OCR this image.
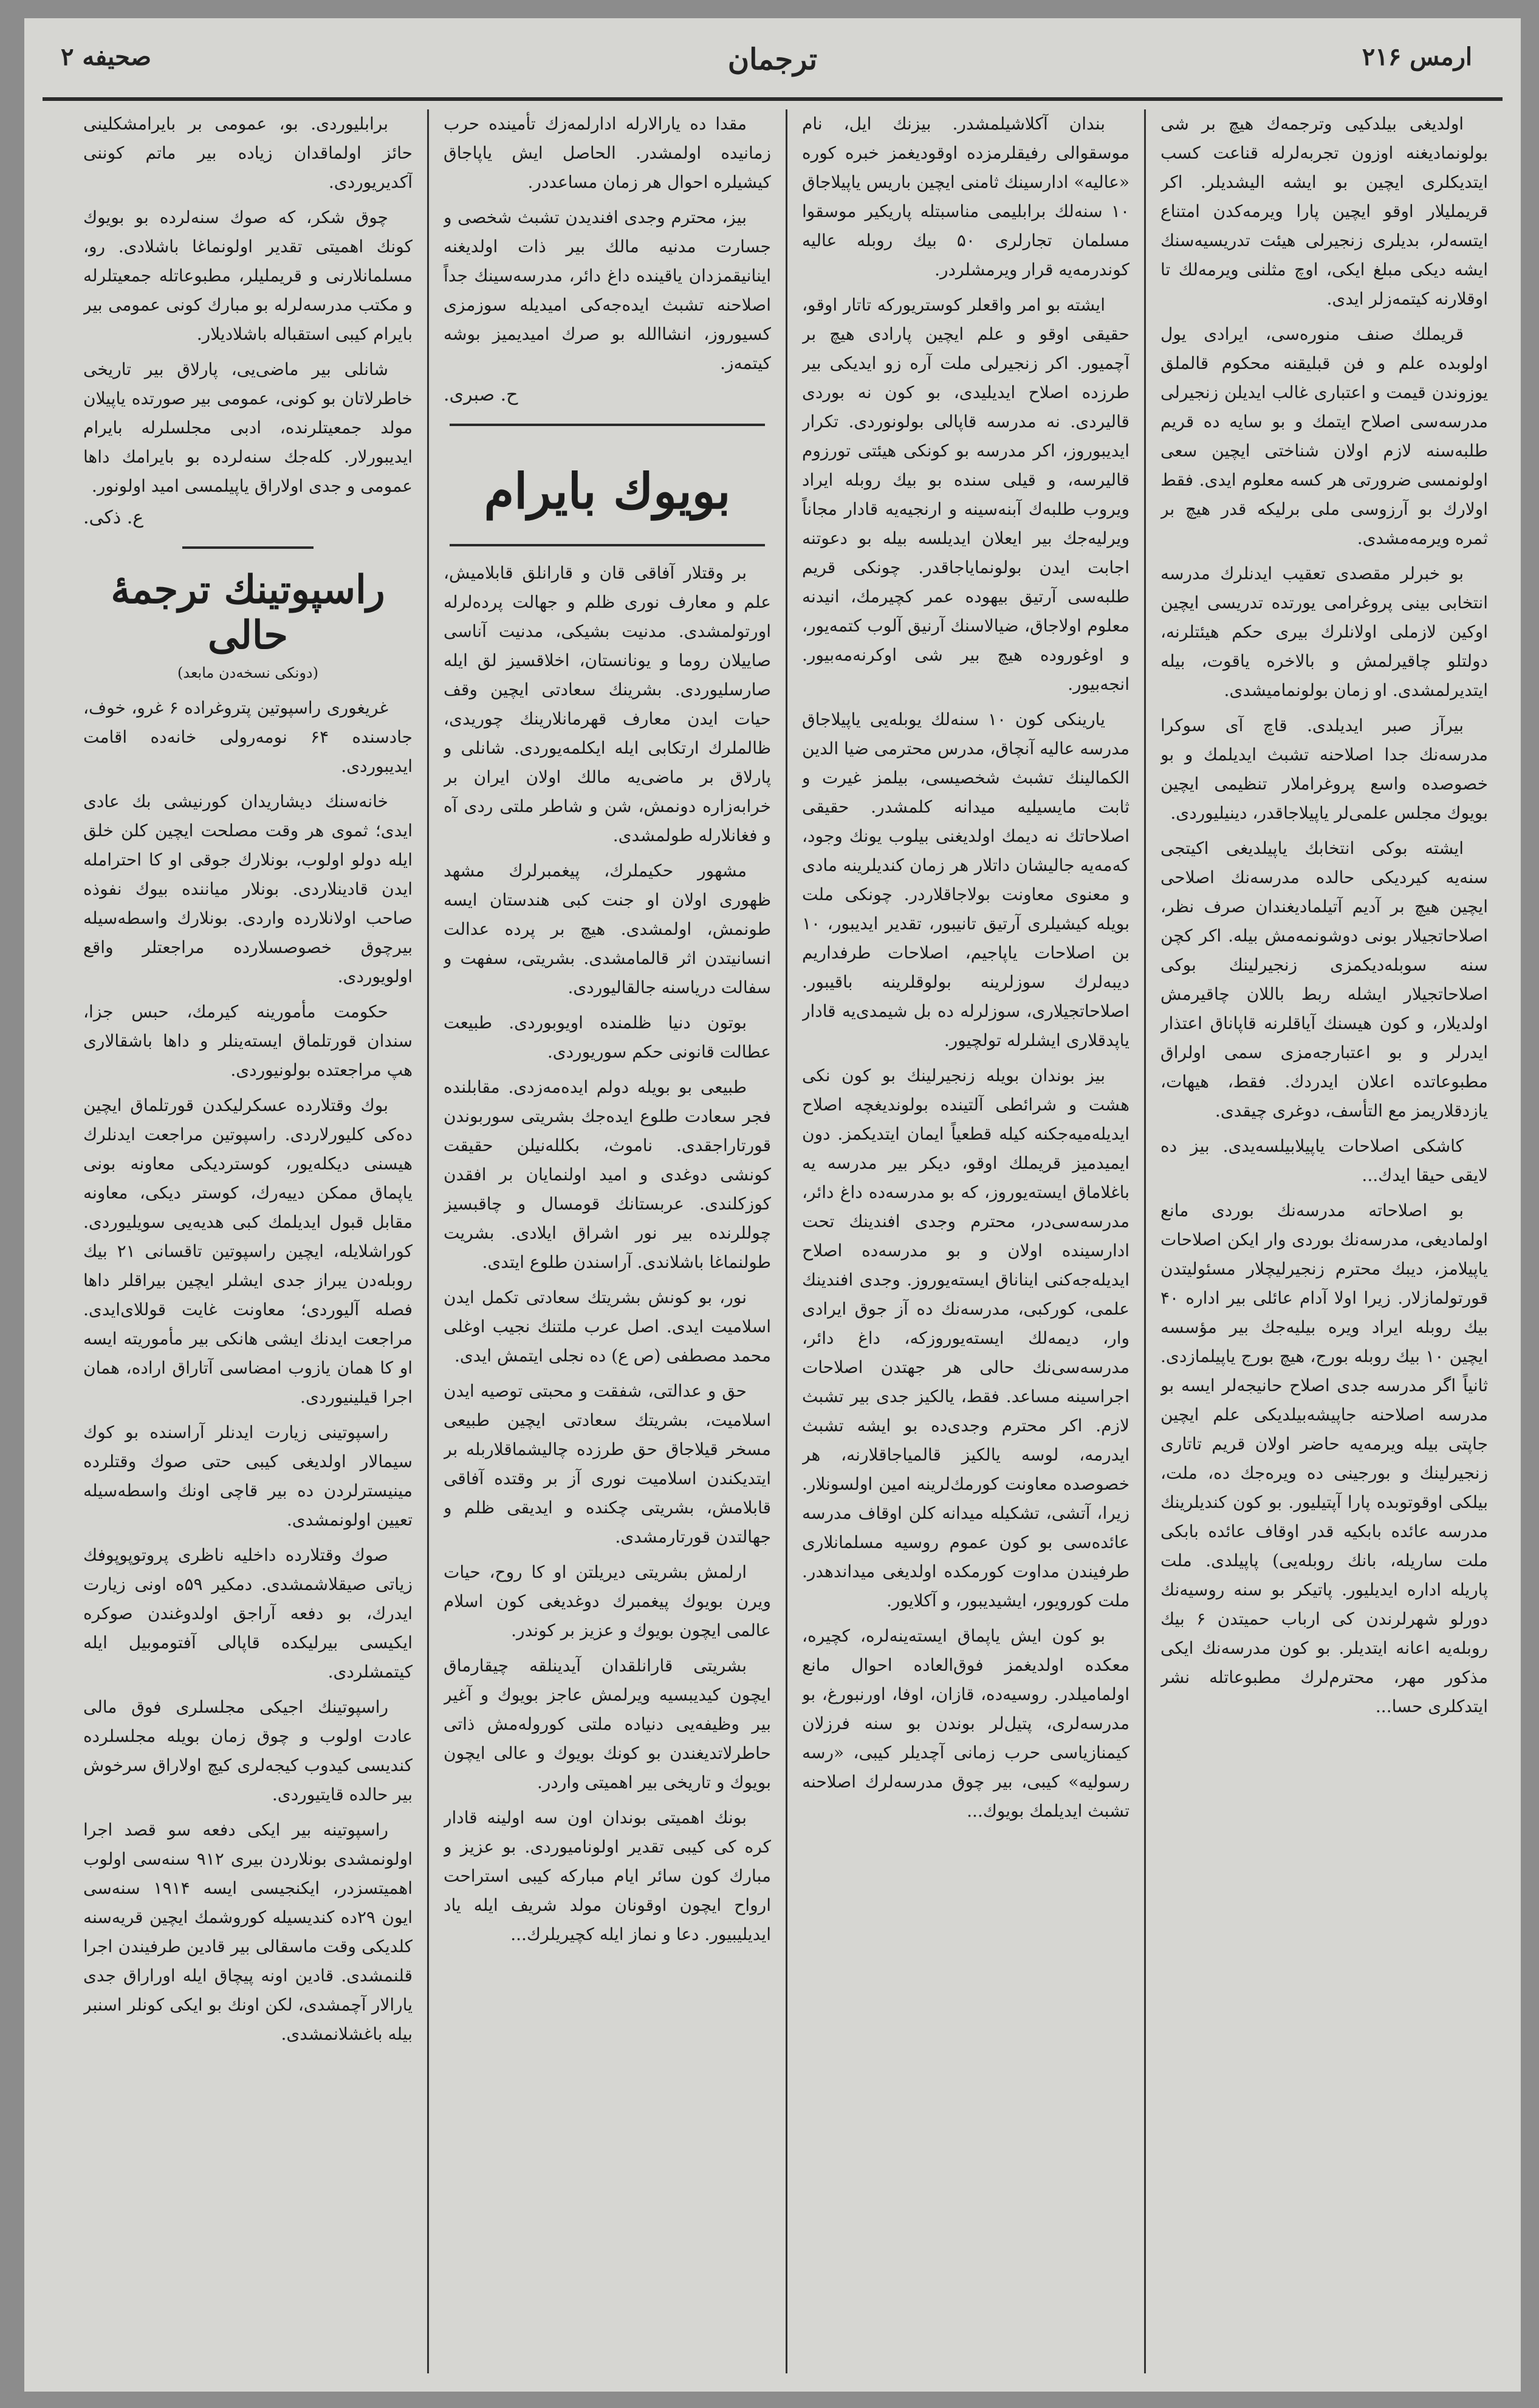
ارمس ۲۱۶
ترجمان
صحيفه ۲

اولدیغی بیلدکیی وترجمه‌ك هیچ بر شی بولونمادیغنه اوزون تجربه‌لرله قناعت كسب ایتدیكلری ایچین بو ایشه الیشدیلر. اكر قریملیلار اوقو ایچین پارا ویرمه‌كدن امتناع ایتسه‌لر، بدیلری زنجیرلی هیئت تدریسیه‌سنك ایشه دیكی مبلغ ایكی، اوچ مثلنی ویرمه‌لك تا اوقلارنه كیتمه‌زلر ایدی.

قریملك صنف منوره‌سی، ایرادی یول اولوبده علم و فن قبلیقنه محكوم قالملق یوزوندن قیمت و اعتباری غالب ایدیلن زنجیرلی مدرسه‌سی اصلاح ایتمك و بو سایه ده قریم طلبه‌سنه لازم اولان شناختی ایچین سعی اولونمسی ضرورتی هر كسه معلوم ایدی. فقط اولارك بو آرزوسی ملی برلیكه قدر هیچ بر ثمره ویرمه‌مشدی.

بو خبرلر مقصدی تعقیب ایدنلرك مدرسه انتخابی بینی پروغرامی یورتده تدریسی ایچین اوكین لازملی اولانلرك بیری حكم هیئتلرنه، دولتلو چاقیرلمش و بالاخره یاقوت، بیله ایتدیرلمشدی. او زمان بولونمامیشدی.

بیرآز صبر ایدیلدی. قاچ آی سوكرا مدرسه‌نك جدا اصلاحنه تشبث ایدیلمك و بو خصوصده واسع پروغراملار تنظیمی ایچین بویوك مجلس علمی‌لر یاپیلاجاقدر، دینیلیوردی.

ایشته بوكی انتخابك یاپیلدیغی اكیتجی سنه‌یه كیردیكی حالده مدرسه‌نك اصلاحی ایچین هیچ بر آدیم آتیلمادیغندان صرف نظر، اصلاحاتجیلار بونی دوشونمه‌مش بیله. اكر كچن سنه سوبله‌دیكمزی زنجیرلینك بوكی اصلاحاتجیلار ایشله ربط باللان چاقیرمش اولدیلار، و كون هیسنك آیاقلرنه قاپاناق اعتذار ایدرلر و بو اعتبارجه‌مزی سمی اولراق مطبوعاتده اعلان ایدردك. فقط، هیهات، یازدقلاریمز مع التأسف، دوغری چیقدی.

كاشكی اصلاحات یاپیلابیلسه‌یدی. بیز ده لایقی حیقا ایدك...

بو اصلاحاته مدرسه‌نك بوردی مانع اولمادیغی، مدرسه‌نك بوردی وار ایكن اصلاحات یاپیلامز، دیبك محترم زنجیرلیچلار مسئولیتدن قورتولمازلار. زیرا اولا آدام عائلی بیر اداره ۴۰ بیك روبله ایراد ویره بیلیه‌جك بیر مؤسسه ایچین ۱۰ بیك روبله بورج، هیچ بورج یاپیلمازدی. ثانیاً اگر مدرسه جدی اصلاح حانیجه‌لر ایسه بو مدرسه اصلاحنه جاپیشه‌بیلدیكی علم ایچین جاپتی بیله ویرمه‌یه حاضر اولان قریم تاتاری زنجیرلینك و بورجینی ده ویره‌جك ده، ملت، بیلكی اوقوتوبده پارا آپتیلیور. بو كون كندیلرینك مدرسه عائده بابكیه قدر اوقاف عائده بابكی ملت ساریله، بانك روبله‌یی) پاپیلدی. ملت پاریله اداره ایدیلیور. پاتیكر بو سنه روسیه‌نك دورلو شهرلرندن كی ارباب حمیتدن ۶ بیك روبله‌یه اعانه ایتدیلر. بو كون مدرسه‌نك ایكی مذكور مهر، محترم‌لرك مطبوعاتله نشر ایتدكلری حسا...

بندان آكلاشیلمشدر. بیزنك ایل، نام موسقوالی رفیقلرمزده اوقودیغمز خبره كوره «عالیه» ادارسینك ثامنی ایچین باریس یاپیلاجاق ۱۰ سنه‌لك برابلیمی مناسبتله پاریكیر موسقوا مسلمان تجارلری ۵۰ بیك روبله عالیه كوندرمه‌یه قرار ویرمشلردر.

ایشته بو امر واقعلر كوستریوركه تاتار اوقو، حقیقی اوقو و علم ایچین پارادی هیچ بر آچمیور. اكر زنجیرلی ملت آره زو ایدیكی بیر طرزده اصلاح ایدیلیدی، بو كون نه بوردی قالیردی. نه مدرسه قاپالی بولونوردی. تكرار ایدیبوروز، اكر مدرسه بو كونكی هیئتی تورزوم قالیرسه، و قیلی سنده بو بیك روبله ایراد ویروب طلبه‌ك آبنه‌سینه و ارنجیه‌یه قادار مجاناً ویرلیه‌جك بیر ایعلان ایدیلسه بیله بو دعوتنه اجابت ایدن بولونمایاجاقدر. چونكی قریم طلبه‌سی آرتیق بیهوده عمر كچیرمك، انیدنه معلوم اولاجاق، ضیالاسنك آرنیق آلوب كتمه‌یور، و اوغوروده هیچ بیر شی اوكرنه‌مه‌بیور. انجه‌بیور.

یارینكی كون ۱۰ سنه‌لك یوبله‌یی یاپیلاجاق مدرسه عالیه آنچاق، مدرس محترمی ضیا الدین الكمالینك تشبث شخصیسی، بیلمز غیرت و ثابت مایسیلیه میدانه كلمشدر. حقیقی اصلاحاتك نه دیمك اولدیغنی بیلوب یونك وجود، كه‌مه‌یه جالیشان داتلار هر زمان كندیلرینه مادی و معنوی معاونت بولاجاقلاردر. چونكی ملت بویله كیشیلری آرتیق تانیبور، تقدیر ایدیبور، ۱۰ بن اصلاحات یاپاجیم، اصلاحات طرفداریم دیبه‌لرك سوزلرینه بولوقلرینه باقیبور. اصلاحاتجیلاری، سوزلرله ده بل شیمدی‌یه قادار یاپدقلاری ایشلرله تولچیور.

بیز بوندان بویله زنجیرلینك بو كون نكی هشت و شرائطی آلتینده بولوندیغچه اصلاح ایدیله‌میه‌جكنه كیله قطعیاً ایمان ایتدیكمز. دون ایمیدمیز قریملك اوقو، دیكر بیر مدرسه یه باغلاماق ایسته‌یوروز، كه بو مدرسه‌ده داغ دائر، مدرسه‌سی‌در، محترم وجدی افندینك تحت ادارسینده اولان و بو مدرسه‌ده اصلاح ایدیله‌جه‌كنی ایناناق ایسته‌یوروز. وجدی افندینك علمی، كوركبی، مدرسه‌نك ده آز جوق ایرادی وار، دیمه‌لك ایسته‌یوروزكه، داغ دائر، مدرسه‌سی‌نك حالی هر جهتدن اصلاحات اجراسینه مساعد. فقط، یالكیز جدی بیر تشبث لازم. اكر محترم وجدی‌ده بو ایشه تشبث ایدرمه، لوسه یالكیز قالمیاجاقلارنه، هر خصوصده معاونت كورمك‌لرینه امین اولسونلار. زیرا، آتشی، تشكیله میدانه كلن اوقاف مدرسه عائده‌سی بو كون عموم روسیه مسلمانلاری طرفیندن مداوت كورمكده اولدیغی میداندهدر. ملت كورويور، ایشیدیبور، و آكلایور.

بو كون ایش یاپماق ایسته‌ینه‌لره، كچیره، معكده اولدیغمز فوق‌العاده احوال مانع اولمامیلدر. روسیه‌ده، قازان، اوفا، اورنبورغ، بو مدرسه‌لری، پتیل‌لر بوندن بو سنه فرزلان كیمنازیاسی حرب زمانی آچدیلر كیبی، «رسه رسولیه» كیبی، بیر چوق مدرسه‌لرك اصلاحنه تشبث ایدیلمك بویوك...

مقدا ده یارالارله ادارلمه‌زك تأمینده حرب زمانیده اولمشدر. الحاصل ایش یاپاجاق كیشیلره احوال هر زمان مساعددر.

بیز، محترم وجدی افندیدن تشبث شخصی و جسارت مدنیه مالك بیر ذات اولدیغنه اینانیقمزدان یاقینده داغ دائر، مدرسه‌سینك جداً اصلاحنه تشبث ایده‌جه‌كی امیدیله سوزمزی كسیوروز، انشاالله بو صرك امیدیمیز بوشه كیتمه‌ز.

ح. صبری.
بویوك بایرام

بر وقتلار آفاقی قان و قارانلق قابلامیش، علم و معارف نوری ظلم و جهالت پرده‌لرله اورتولمشدی. مدنیت بشیكی، مدنیت آناسی صاییلان روما و یونانستان، اخلاقسیز لق ایله صارسلیوردی. بشرینك سعادتی ایچین وقف حیات ایدن معارف قهرمانلارینك چوریدی، ظالملرك ارتكابی ایله ایكلمه‌یوردی. شانلی و پارلاق بر ماضی‌یه مالك اولان ایران بر خرابه‌زاره دونمش، شن و شاطر ملتی ردی آه و فغانلارله طولمشدی.

مشهور حكیملرك، پیغمبرلرك مشهد ظهوری اولان او جنت كبی هندستان ایسه طونمش، اولمشدی. هیچ بر پرده عدالت انسانیتدن اثر قالمامشدی. بشریتی، سفهت و سفالت دریاسنه جالقالیوردی.

بوتون دنیا ظلمنده اویوبوردی. طبیعت عطالت قانونی حكم سوریوردی.

طبیعی بو بویله دولم ایده‌مه‌زدی. مقابلنده فجر سعادت طلوع ایده‌جك بشریتی سوربوندن قورتاراجقدی. ناموث، بكلله‌نیلن حقیقت كونشی دوغدی و امید اولنمایان بر افقدن كوزكلندی. عربستانك قومسال و چاقبسیز چوللرنده بیر نور اشراق ایلادی. بشریت طولنماغا باشلاندی. آراسندن طلوع ایتدی.

نور، بو كونش بشریتك سعادتی تكمل ایدن اسلامیت ایدی. اصل عرب ملتنك نجیب اوغلی محمد مصطفی (ص ع) ده نجلی ایتمش ایدی.

حق و عدالتی، شفقت و محبتی توصیه ایدن اسلامیت، بشریتك سعادتی ایچین طبیعی مسخر قیلاجاق حق طرزده چالیشماقلاربله بر ایتدیكندن اسلامیت نوری آز بر وقتده آفاقی قابلامش، بشریتی چكنده و ایدیقی ظلم و جهالتدن قورتارمشدی.

ارلمش بشریتی دیریلتن او كا روح، حیات ویرن بویوك پیغمبرك دوغدیغی كون اسلام عالمی ایچون بویوك و عزیز بر كوندر.

بشریتی قارانلقدان آیدینلقه چیقارماق ایچون كیدیبسیه ویرلمش عاجز بویوك و آغیر بیر وظیفه‌یی دنیاده ملتی كوروله‌مش ذاتی حاطرلاتدیغندن بو كونك بویوك و عالی ایچون بویوك و تاریخی بیر اهمیتی واردر.

بونك اهمیتی بوندان اون سه اولینه قادار كره كی كیبی تقدیر اولونامیوردی. بو عزیز و مبارك كون سائر ایام مباركه كیبی استراحت ارواح ایچون اوقونان مولد شریف ایله یاد ایدیلیبیور. دعا و نماز ایله كچیریلرك...

برابلیوردی. بو، عمومی بر بایرامشكلینی حائز اولماقدان زیاده بیر ماتم كوننی آكدیریوردی.

چوق شكر، كه صوك سنه‌لرده بو بویوك كونك اهمیتی تقدیر اولونماغا باشلادی. رو، مسلمانلارنی و قریملیلر، مطبوعاتله جمعیتلرله و مكتب مدرسه‌لرله بو مبارك كونی عمومی بیر بایرام كیبی استقباله باشلادیلار.

شانلی بیر ماضی‌یی، پارلاق بیر تاریخی خاطرلاتان بو كونی، عمومی بیر صورتده یاپیلان مولد جمعیتلرنده، ادبی مجلسلرله بایرام ایدیبورلار. كله‌جك سنه‌لرده بو بایرامك داها عمومی و جدی اولاراق یاپیلمسی امید اولونور.

ع. ذكی.
راسپوتینك ترجمهٔ حالی
(دونكی نسخه‌دن مابعد)

غریغوری راسپوتین پتروغراده ۶ غرو، خوف، جادسنده ۶۴ نومه‌رولی خانه‌ده اقامت ایدیبوردی.

خانه‌سنك دیشاریدان كورنیشی بك عادی ایدی؛ ثموی هر وقت مصلحت ایچین كلن خلق ایله دولو اولوب، بونلارك جوقی او كا احترامله ایدن قادینلاردی. بونلار میاننده بیوك نفوذه صاحب اولانلارده واردی. بونلارك واسطه‌سیله بیرچوق خصوصسلارده مراجعتلر واقع اولویوردی.

حكومت مأمورینه كیرمك، حبس جزا، سندان قورتلماق ایسته‌ینلر و داها باشقالاری هپ مراجعتده بولونیوردی.

بوك وقتلارده عسكرلیكدن قورتلماق ایچین ده‌كی كلیورلاردی. راسپوتین مراجعت ایدنلرك هیسنی دیكله‌یور، كوستردیكی معاونه بونی یاپماق ممكن دییه‌رك، كوستر دیكی، معاونه مقابل قبول ایدیلمك كبی هدیه‌یی سویلیوردی. كوراشلایله، ایچین راسپوتین تاقسانی ۲۱ بیك روبله‌دن یبراز جدی ایشلر ایچین بیراقلر داها فصله آلیوردی؛ معاونت غایت قوللای‌ایدی. مراجعت ایدنك ایشی هانكی بیر مأموریته ایسه او كا همان یازوب امضاسی آتاراق اراده، همان اجرا قیلینیوردی.

راسپوتینی زیارت ایدنلر آراسنده بو كوك سیمالار اولدیغی كیبی حتی صوك وقتلرده مینیسترلردن ده بیر قاچی اونك واسطه‌سیله تعیین اولونمشدی.

صوك وقتلارده داخلیه ناظری پروتوپوپوفك زیاتی صیقلاشمشدی. دمكیر ۵۹ه اونی زیارت ایدرك، بو دفعه آراجق اولدوغندن صوكره ایكیسی بیرلیكده قاپالی آفتوموبیل ایله كیتمشلردی.

راسپوتینك اجیكی مجلسلری فوق مالی عادت اولوب و چوق زمان بویله مجلسلرده كندیسی كیدوب كیجه‌لری كیچ اولاراق سرخوش بیر حالده قایتیوردی.

راسپوتینه بیر ایكی دفعه سو قصد اجرا اولونمشدی بونلاردن بیری ۹۱۲ سنه‌سی اولوب اهمیتسزدر، ایكنجیسی ایسه ۱۹۱۴ سنه‌سی ایون ۲۹ده كندیسیله كوروشمك ایچین قریه‌سنه كلدیكی وقت ماسقالی بیر قادین طرفیندن اجرا قلنمشدی. قادین اونه پیچاق ایله اوراراق جدی یارالار آچمشدی، لكن اونك بو ایكی كونلر اسنبر بیله باغشلانمشدی.
